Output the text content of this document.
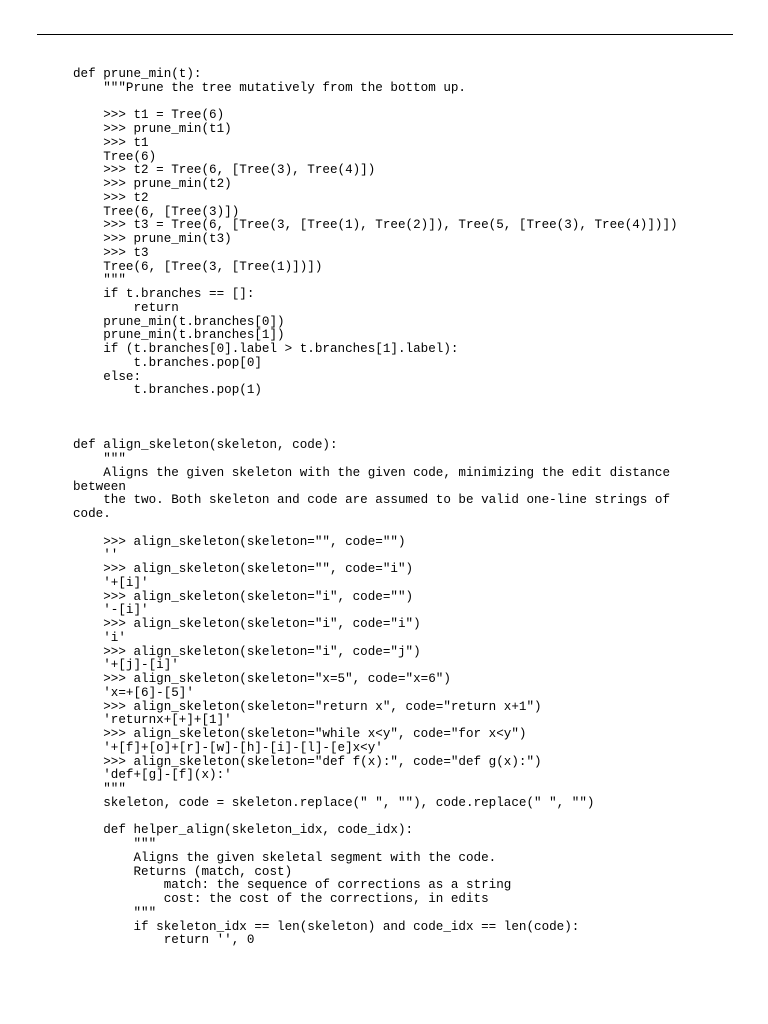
def prune_min(t):
"""Prune the tree mutatively from the bottom up.
>>> t1 = Tree(6)
>>> prune_min(t1)
>>> t1
Tree(6)
>>> t2 = Tree(6, [Tree(3), Tree(4)])
>>> prune_min(t2)
>>> t2
Tree(6, [Tree(3)])
>>> t3 = Tree(6, [Tree(3, [Tree(1), Tree(2)]), Tree(5, [Tree(3), Tree(4)])])
>>> prune_min(t3)
>>> t3
Tree(6, [Tree(3, [Tree(1)])])
"""
if t.branches == []:
return
prune_min(t.branches[0])
prune_min(t.branches[1])
if (t.branches[0].label > t.branches[1].label):
t.branches.pop[0]
else:
t.branches.pop(1)
def align_skeleton(skeleton, code):
"""
Aligns the given skeleton with the given code, minimizing the edit distance
between
the two. Both skeleton and code are assumed to be valid one-line strings of
code.
>>> align_skeleton(skeleton="", code="")
''
>>> align_skeleton(skeleton="", code="i")
'+[i]'
>>> align_skeleton(skeleton="i", code="")
'-[i]'
>>> align_skeleton(skeleton="i", code="i")
'i'
>>> align_skeleton(skeleton="i", code="j")
'+[j]-[i]'
>>> align_skeleton(skeleton="x=5", code="x=6")
'x=+[6]-[5]'
>>> align_skeleton(skeleton="return x", code="return x+1")
'returnx+[+]+[1]'
>>> align_skeleton(skeleton="while x<y", code="for x<y")
'+[f]+[o]+[r]-[w]-[h]-[i]-[l]-[e]x<y'
>>> align_skeleton(skeleton="def f(x):", code="def g(x):")
'def+[g]-[f](x):'
"""
skeleton, code = skeleton.replace(" ", ""), code.replace(" ", "")
def helper_align(skeleton_idx, code_idx):
"""
Aligns the given skeletal segment with the code.
Returns (match, cost)
match: the sequence of corrections as a string
cost: the cost of the corrections, in edits
"""
if skeleton_idx == len(skeleton) and code_idx == len(code):
return '', 0
